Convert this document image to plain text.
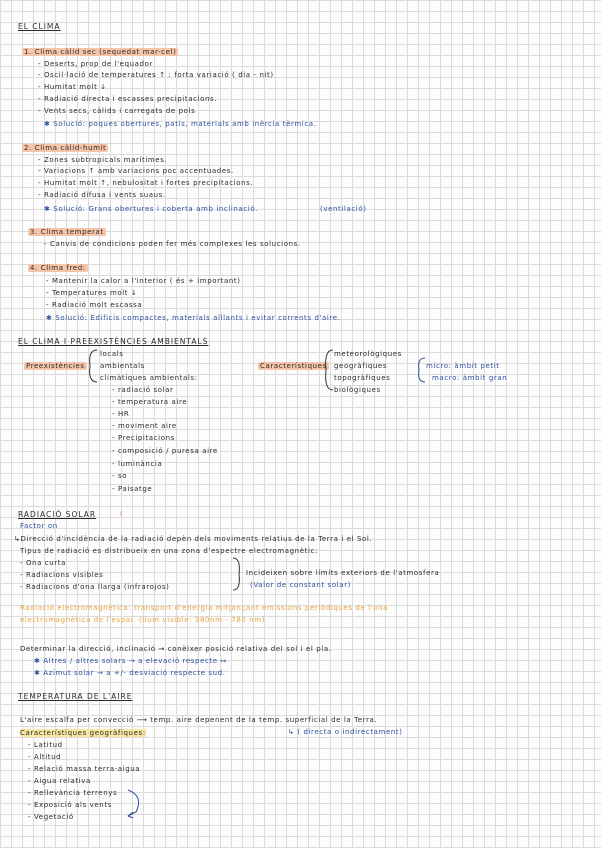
EL CLIMA
1. Clima càlid sec (sequedat mar-cel)
- Deserts, prop de l'equador
- Oscil·lació de temperatures ↑ : forta variació ( dia - nit)
- Humitat molt ↓
- Radiació directa i escasses precipitacions.
- Vents secs, càlids i carregats de pols
✱ Solució: poques obertures, patis, materials amb inèrcia tèrmica.
2. Clima càlid-humit
- Zones subtropicals marítimes.
- Variacions ↑ amb variacions poc accentuades.
- Humitat molt ↑, nebulositat i fortes precipitacions.
- Radiació difusa i vents suaus.
✱ Solució: Grans obertures i coberta amb inclinació.	(ventilació)
3. Clima temperat
- Canvis de condicions poden fer més complexes les solucions.
4. Clima fred:
- Mantenir la calor a l'interior ( és + important)
- Temperatures molt ↓
- Radiació molt escassa
✱ Solució: Edificis compactes, materials aïllants i evitar corrents d'aire.
EL CLIMA I PREEXISTÈNCIES AMBIENTALS
Preexistències
locals
ambientals
climàtiques ambientals:
- radiació solar
- temperatura aire
- HR
- moviment aire
- Precipitacions
- composició / puresa aire
- luminància
- so
- Paisatge
Característiques
meteorològiques
geogràfiques
topogràfiques
biològiques
micro: àmbit petit
macro: àmbit gran
RADIACIÓ SOLAR	(
Factor on
↳Direcció d'incidència de la radiació depèn dels moviments relatius de la Terra i el Sol.
Tipus de radiació es distribueix en una zona d'espectre electromagnètic:
- Ona curta
- Radiacions visibles
- Radiacions d'ona llarga (infrarojos)
Incideixen sobre límits exteriors de l'atmosfera
(Valor de constant solar)
Radiació electromagnètica: transport d'energia mitjançant emissions periòdiques de l'ona
electromagnètica de l'espai. (llum visible: 380nm - 780 nm)
Determinar la direcció, inclinació → conèixer posició relativa del sol i el pla.
✱ Altres / altres solars → a elevació respecte ↦
✱ Azimut solar → a +/- desviació respecte sud.
TEMPERATURA DE L'AIRE
L'aire escalfa per convecció ⟶ temp. aire depenent de la temp. superficial de la Terra.
↳ ( directa o indirectament)
Característiques geogràfiques:
- Latitud
- Altitud
- Relació massa terra-aigua
- Aigua relativa
- Rellevància terrenys
- Exposició als vents
- Vegetació
